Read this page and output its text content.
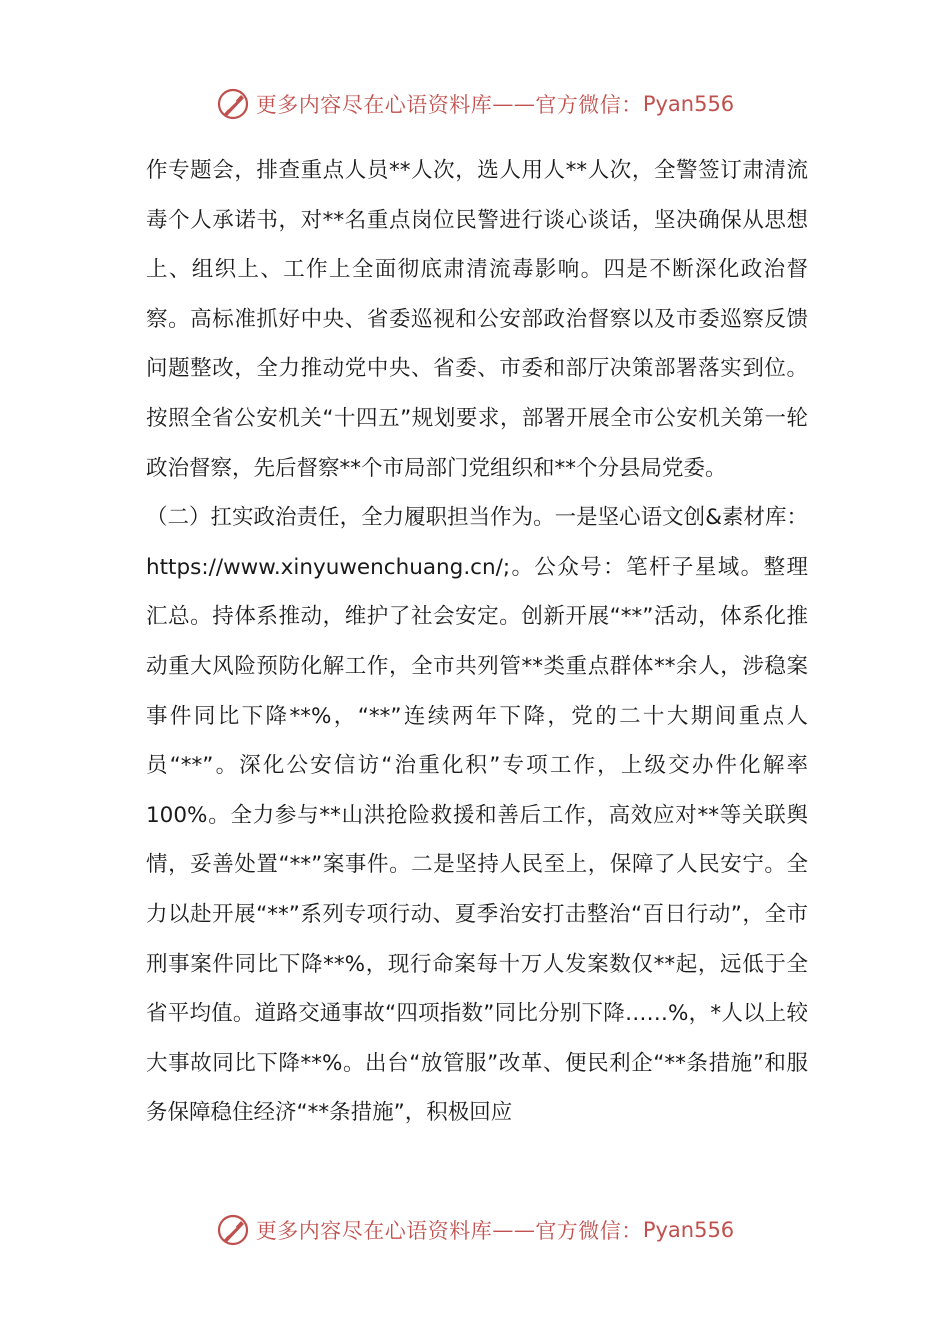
更多内容尽在心语资料库 —— 官方微信： Pyan556

作专题会，排查重点人员**人次，选人用人**人次，全警签订肃清流毒个人承诺书，对**名重点岗位民警进行谈心谈话，坚决确保从思想上、组织上、工作上全面彻底肃清流毒影响。四是不断深化政治督察。高标准抓好中央、省委巡视和公安部政治督察以及市委巡察反馈问题整改，全力推动党中央、省委、市委和部厅决策部署落实到位。按照全省公安机关“十四五”规划要求，部署开展全市公安机关第一轮政治督察，先后督察**个市局部门党组织和**个分县局党委。

（二）扛实政治责任，全力履职担当作为。一是坚心语文创&素材库：https://www.xinyuwenchuang.cn/;。公众号：笔杆子星域。整理汇总。持体系推动，维护了社会安定。创新开展“**”活动，体系化推动重大风险预防化解工作，全市共列管**类重点群体**余人，涉稳案事件同比下降**%，“**”连续两年下降，党的二十大期间重点人员“**”。深化公安信访“治重化积”专项工作，上级交办件化解率100%。全力参与**山洪抢险救援和善后工作，高效应对**等关联舆情，妥善处置“**”案事件。二是坚持人民至上，保障了人民安宁。全力以赴开展“**”系列专项行动、夏季治安打击整治“百日行动”，全市刑事案件同比下降**%，现行命案每十万人发案数仅**起，远低于全省平均值。道路交通事故“四项指数”同比分别下降……%，*人以上较大事故同比下降**%。出台“放管服”改革、便民利企“**条措施”和服务保障稳住经济“**条措施”，积极回应

更多内容尽在心语资料库 —— 官方微信： Pyan556
